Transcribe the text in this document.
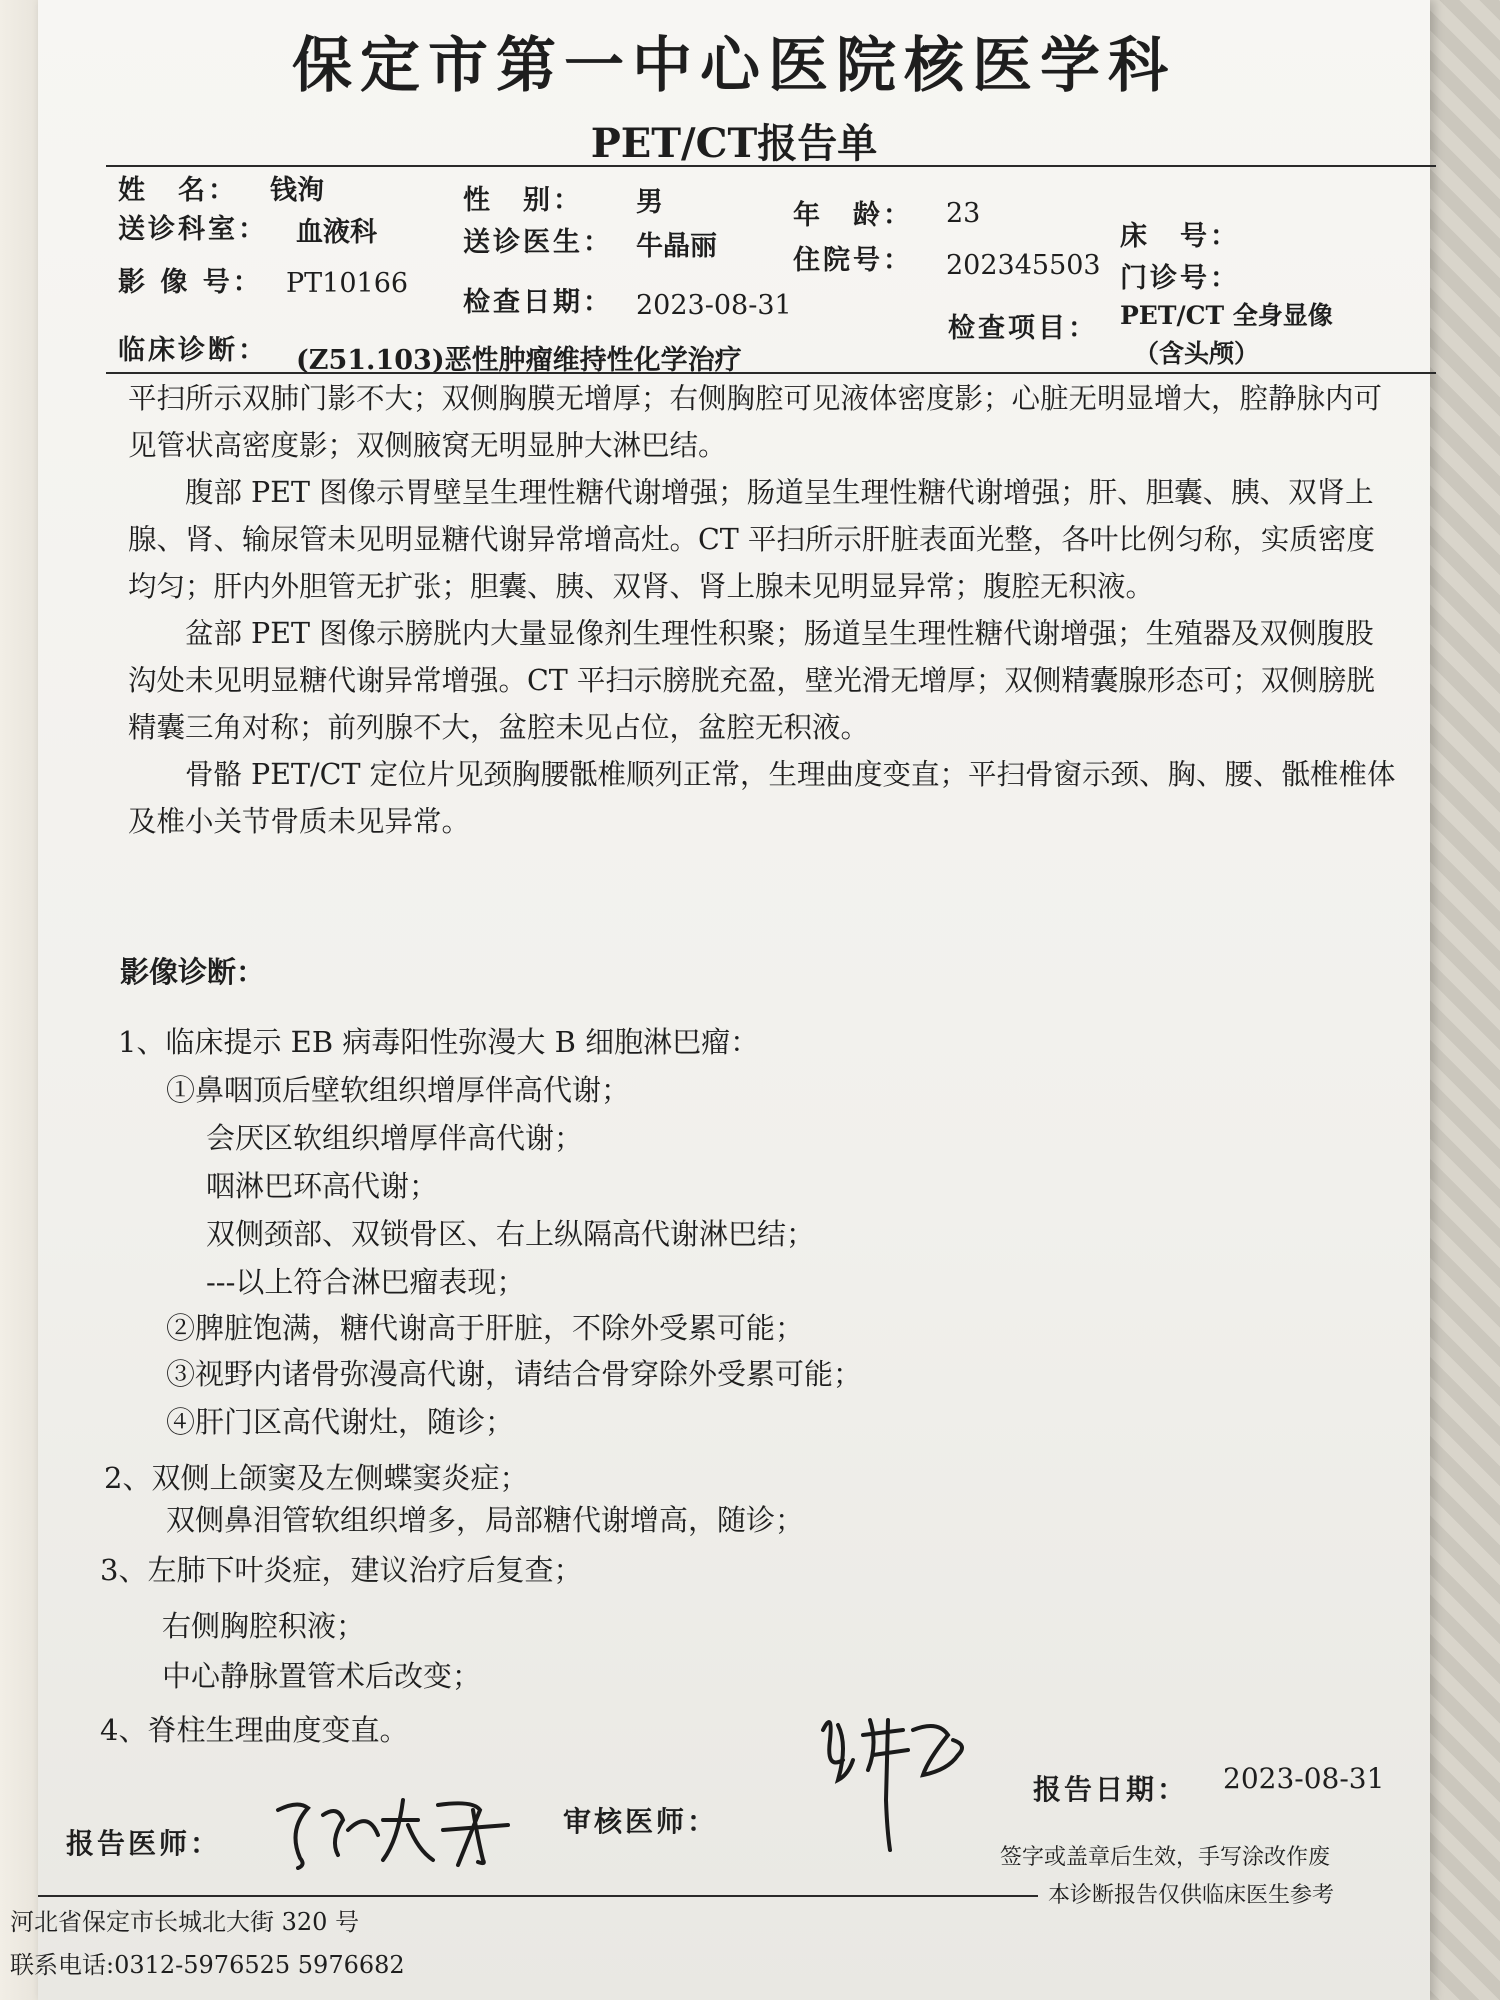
保定市第一中心医院核医学科
PET/CT报告单
姓　名： 钱洵	性　别： 男	年　龄： 23
床　号：
送诊科室： 血液科	送诊医生： 牛晶丽	住院号： 202345503 门诊号：
影 像 号： PT10166
检查日期： 2023-08-31
检查项目： PET/CT 全身显像
（含头颅）
临床诊断： (Z51.103)恶性肿瘤维持性化学治疗

平扫所示双肺门影不大；双侧胸膜无增厚；右侧胸腔可见液体密度影；心脏无明显增大，腔静脉内可见管状高密度影；双侧腋窝无明显肿大淋巴结。

腹部 PET 图像示胃壁呈生理性糖代谢增强；肠道呈生理性糖代谢增强；肝、胆囊、胰、双肾上腺、肾、输尿管未见明显糖代谢异常增高灶。CT 平扫所示肝脏表面光整，各叶比例匀称，实质密度均匀；肝内外胆管无扩张；胆囊、胰、双肾、肾上腺未见明显异常；腹腔无积液。

盆部 PET 图像示膀胱内大量显像剂生理性积聚；肠道呈生理性糖代谢增强；生殖器及双侧腹股沟处未见明显糖代谢异常增强。CT 平扫示膀胱充盈，壁光滑无增厚；双侧精囊腺形态可；双侧膀胱精囊三角对称；前列腺不大，盆腔未见占位，盆腔无积液。

骨骼 PET/CT 定位片见颈胸腰骶椎顺列正常，生理曲度变直；平扫骨窗示颈、胸、腰、骶椎椎体及椎小关节骨质未见异常。

影像诊断：
1、临床提示 EB 病毒阳性弥漫大 B 细胞淋巴瘤：
①鼻咽顶后壁软组织增厚伴高代谢；
会厌区软组织增厚伴高代谢；
咽淋巴环高代谢；
双侧颈部、双锁骨区、右上纵隔高代谢淋巴结；
---以上符合淋巴瘤表现；
②脾脏饱满，糖代谢高于肝脏，不除外受累可能；
③视野内诸骨弥漫高代谢，请结合骨穿除外受累可能；
④肝门区高代谢灶，随诊；
2、双侧上颌窦及左侧蝶窦炎症；
双侧鼻泪管软组织增多，局部糖代谢增高，随诊；
3、左肺下叶炎症，建议治疗后复查；
右侧胸腔积液；
中心静脉置管术后改变；
4、脊柱生理曲度变直。
报告日期： 2023-08-31
报告医师：
审核医师：
签字或盖章后生效，手写涂改作废
本诊断报告仅供临床医生参考
河北省保定市长城北大街 320 号
联系电话:0312-5976525 5976682
